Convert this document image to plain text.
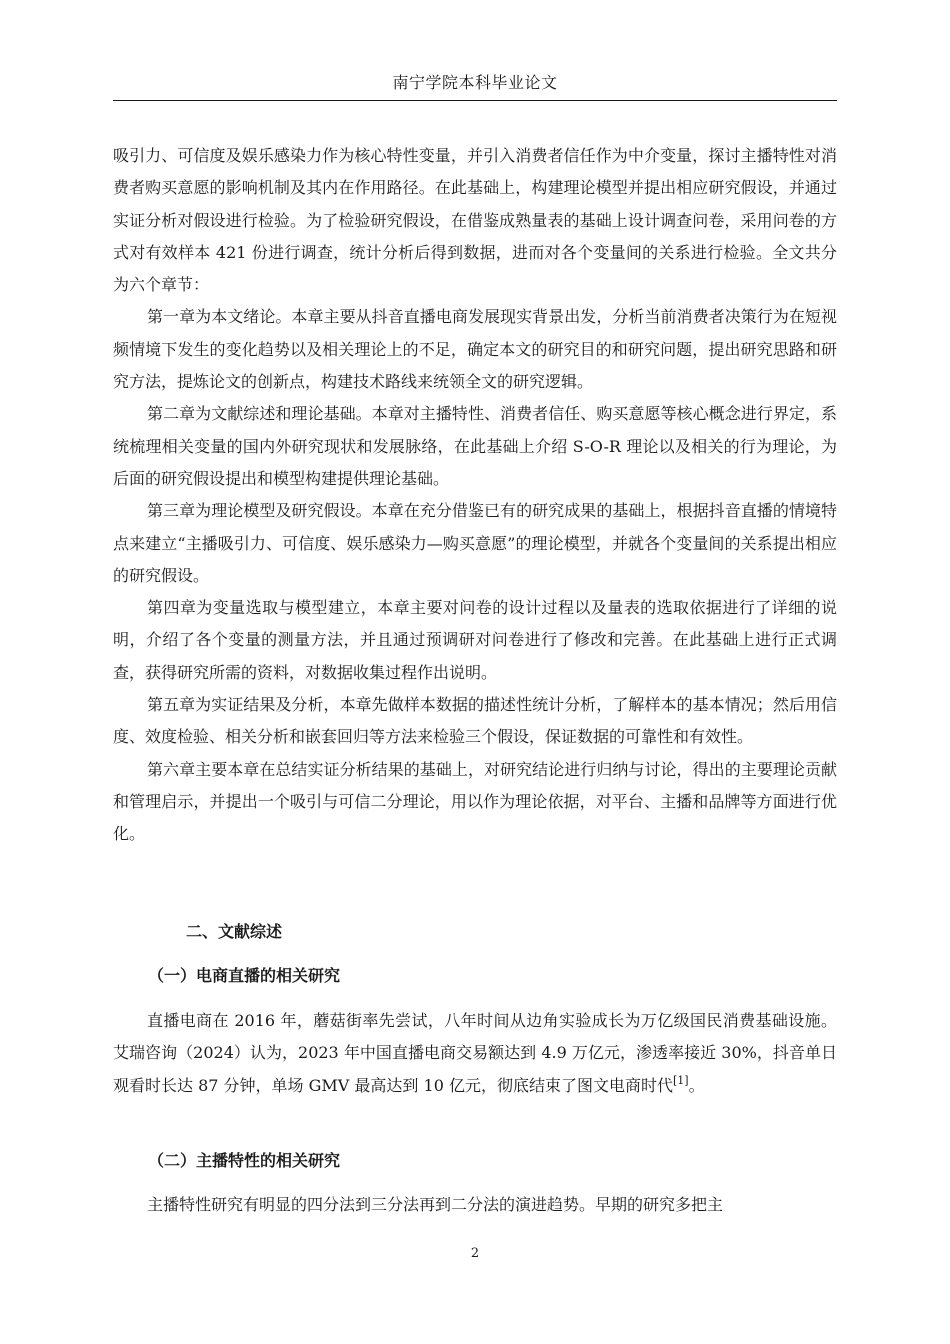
南宁学院本科毕业论文

吸引力、可信度及娱乐感染力作为核心特性变量，并引入消费者信任作为中介变量，探讨主播特性对消费者购买意愿的影响机制及其内在作用路径。在此基础上，构建理论模型并提出相应研究假设，并通过实证分析对假设进行检验。为了检验研究假设，在借鉴成熟量表的基础上设计调查问卷，采用问卷的方式对有效样本 421 份进行调查，统计分析后得到数据，进而对各个变量间的关系进行检验。全文共分为六个章节：

第一章为本文绪论。本章主要从抖音直播电商发展现实背景出发，分析当前消费者决策行为在短视频情境下发生的变化趋势以及相关理论上的不足，确定本文的研究目的和研究问题，提出研究思路和研究方法，提炼论文的创新点，构建技术路线来统领全文的研究逻辑。

第二章为文献综述和理论基础。本章对主播特性、消费者信任、购买意愿等核心概念进行界定，系统梳理相关变量的国内外研究现状和发展脉络，在此基础上介绍 S-O-R 理论以及相关的行为理论，为后面的研究假设提出和模型构建提供理论基础。

第三章为理论模型及研究假设。本章在充分借鉴已有的研究成果的基础上，根据抖音直播的情境特点来建立“主播吸引力、可信度、娱乐感染力—购买意愿”的理论模型，并就各个变量间的关系提出相应的研究假设。

第四章为变量选取与模型建立，本章主要对问卷的设计过程以及量表的选取依据进行了详细的说明，介绍了各个变量的测量方法，并且通过预调研对问卷进行了修改和完善。在此基础上进行正式调查，获得研究所需的资料，对数据收集过程作出说明。

第五章为实证结果及分析，本章先做样本数据的描述性统计分析，了解样本的基本情况；然后用信度、效度检验、相关分析和嵌套回归等方法来检验三个假设，保证数据的可靠性和有效性。

第六章主要本章在总结实证分析结果的基础上，对研究结论进行归纳与讨论，得出的主要理论贡献和管理启示，并提出一个吸引与可信二分理论，用以作为理论依据，对平台、主播和品牌等方面进行优化。

二、文献综述
（一）电商直播的相关研究

直播电商在 2016 年，蘑菇街率先尝试，八年时间从边角实验成长为万亿级国民消费基础设施。艾瑞咨询（2024）认为，2023 年中国直播电商交易额达到 4.9 万亿元，渗透率接近 30%，抖音单日观看时长达 87 分钟，单场 GMV 最高达到 10 亿元，彻底结束了图文电商时代[1]。

（二）主播特性的相关研究

主播特性研究有明显的四分法到三分法再到二分法的演进趋势。早期的研究多把主

2
